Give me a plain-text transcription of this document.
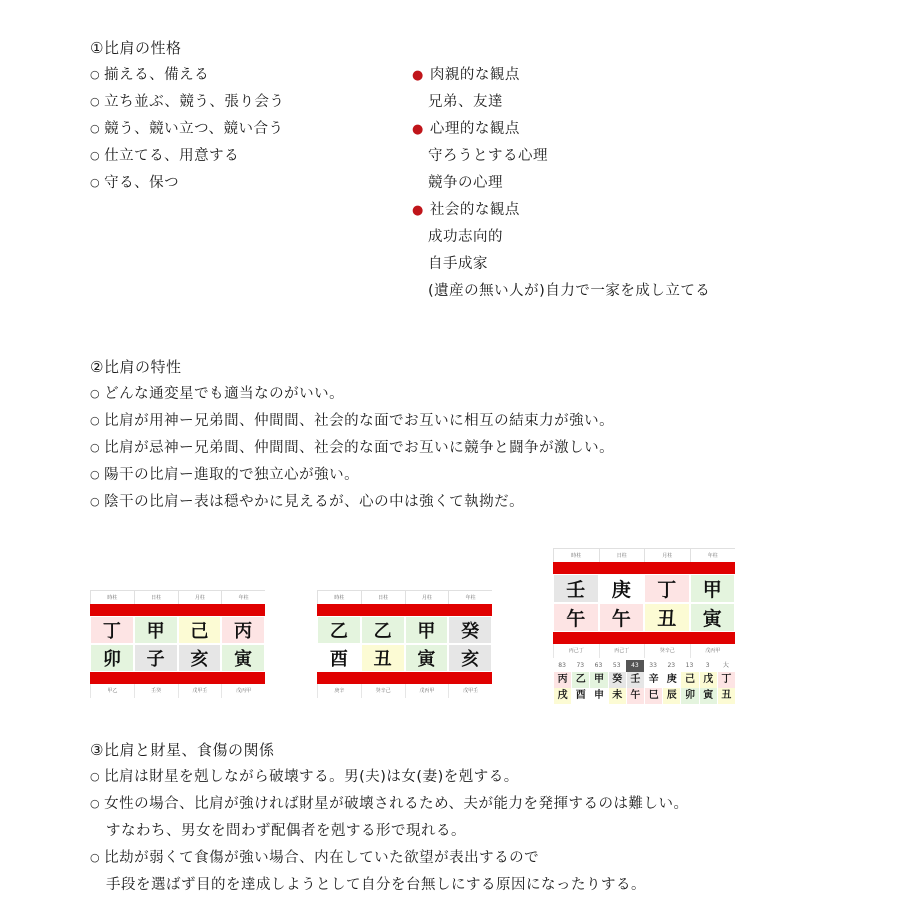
①比肩の性格
○ 揃える、備える
○ 立ち並ぶ、競う、張り会う
○ 競う、競い立つ、競い合う
○ 仕立てる、用意する
○ 守る、保つ
● 肉親的な観点
兄弟、友達
● 心理的な観点
守ろうとする心理
競争の心理
● 社会的な観点
成功志向的
自手成家
(遺産の無い人が)自力で一家を成し立てる
②比肩の特性
○ どんな通変星でも適当なのがいい。
○ 比肩が用神ー兄弟間、仲間間、社会的な面でお互いに相互の結束力が強い。
○ 比肩が忌神ー兄弟間、仲間間、社会的な面でお互いに競争と闘争が激しい。
○ 陽干の比肩ー進取的で独立心が強い。
○ 陰干の比肩ー表は穏やかに見えるが、心の中は強くて執拗だ。
時柱	日柱	月柱	年柱
丁	甲	己	丙
卯	子	亥	寅
甲乙	壬癸	戊甲壬	戊丙甲
時柱	日柱	月柱	年柱
乙	乙	甲	癸
酉	丑	寅	亥
庚辛	癸辛己	戊丙甲	戊甲壬
時柱	日柱	月柱	年柱
壬	庚	丁	甲
午	午	丑	寅
丙己丁	丙己丁	癸辛己	戊丙甲
83	73	63	53	43	33	23	13	3	大
丙 乙 甲 癸 壬 辛 庚 己 戊 丁
戌 酉 申 未 午 巳 辰 卯 寅 丑
③比肩と財星、食傷の関係
○ 比肩は財星を剋しながら破壊する。男(夫)は女(妻)を剋する。
○ 女性の場合、比肩が強ければ財星が破壊されるため、夫が能力を発揮するのは難しい。
すなわち、男女を問わず配偶者を剋する形で現れる。
○ 比劫が弱くて食傷が強い場合、内在していた欲望が表出するので
手段を選ばず目的を達成しようとして自分を台無しにする原因になったりする。
